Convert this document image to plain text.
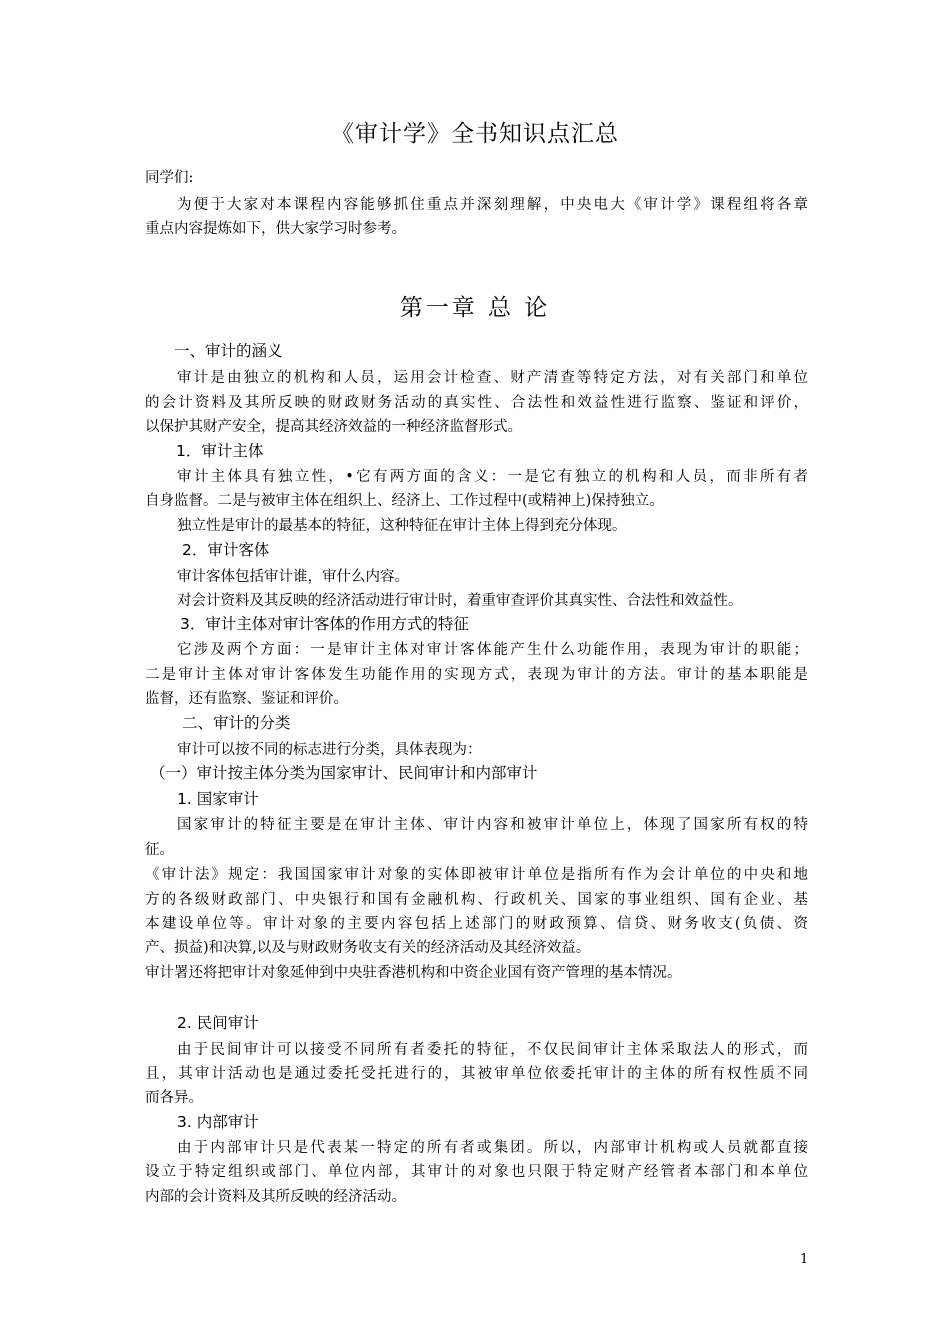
《审计学》全书知识点汇总
同学们:
为便于大家对本课程内容能够抓住重点并深刻理解，中央电大《审计学》课程组将各章
重点内容提炼如下，供大家学习时参考。
第一章 总 论
一、审计的涵义
审计是由独立的机构和人员，运用会计检查、财产清查等特定方法，对有关部门和单位
的会计资料及其所反映的财政财务活动的真实性、合法性和效益性进行监察、鉴证和评价，
以保护其财产安全，提高其经济效益的一种经济监督形式。
1．审计主体
审计主体具有独立性，•它有两方面的含义：一是它有独立的机构和人员，而非所有者
自身监督。二是与被审主体在组织上、经济上、工作过程中(或精神上)保持独立。
独立性是审计的最基本的特征，这种特征在审计主体上得到充分体现。
2．审计客体
审计客体包括审计谁，审什么内容。
对会计资料及其反映的经济活动进行审计时，着重审查评价其真实性、合法性和效益性。
3．审计主体对审计客体的作用方式的特征
它涉及两个方面：一是审计主体对审计客体能产生什么功能作用，表现为审计的职能；
二是审计主体对审计客体发生功能作用的实现方式，表现为审计的方法。审计的基本职能是
监督，还有监察、鉴证和评价。
二、审计的分类
审计可以按不同的标志进行分类，具体表现为：
（一）审计按主体分类为国家审计、民间审计和内部审计
1. 国家审计
国家审计的特征主要是在审计主体、审计内容和被审计单位上，体现了国家所有权的特
征。
《审计法》规定：我国国家审计对象的实体即被审计单位是指所有作为会计单位的中央和地
方的各级财政部门、中央银行和国有金融机构、行政机关、国家的事业组织、国有企业、基
本建设单位等。审计对象的主要内容包括上述部门的财政预算、信贷、财务收支(负债、资
产、损益)和决算,以及与财政财务收支有关的经济活动及其经济效益。
审计署还将把审计对象延伸到中央驻香港机构和中资企业国有资产管理的基本情况。
2. 民间审计
由于民间审计可以接受不同所有者委托的特征，不仅民间审计主体采取法人的形式，而
且，其审计活动也是通过委托受托进行的，其被审单位依委托审计的主体的所有权性质不同
而各异。
3. 内部审计
由于内部审计只是代表某一特定的所有者或集团。所以，内部审计机构或人员就都直接
设立于特定组织或部门、单位内部，其审计的对象也只限于特定财产经管者本部门和本单位
内部的会计资料及其所反映的经济活动。
1
